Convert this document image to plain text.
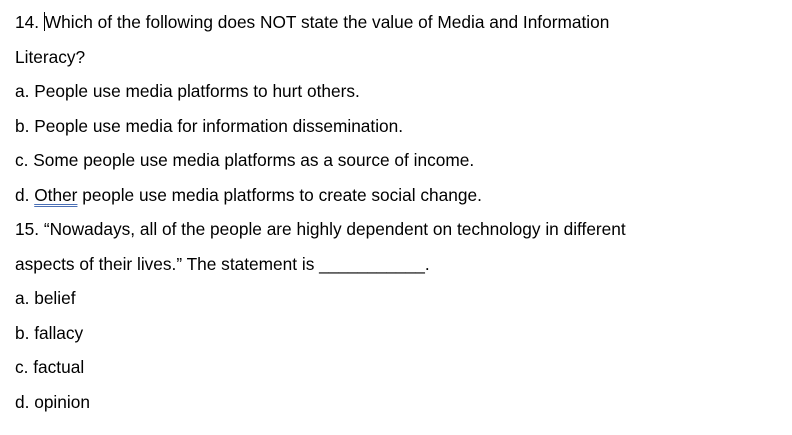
14. Which of the following does NOT state the value of Media and Information
Literacy?
a. People use media platforms to hurt others.
b. People use media for information dissemination.
c. Some people use media platforms as a source of income.
d. Other people use media platforms to create social change.
15. “Nowadays, all of the people are highly dependent on technology in different
aspects of their lives.” The statement is ___________.
a. belief
b. fallacy
c. factual
d. opinion
